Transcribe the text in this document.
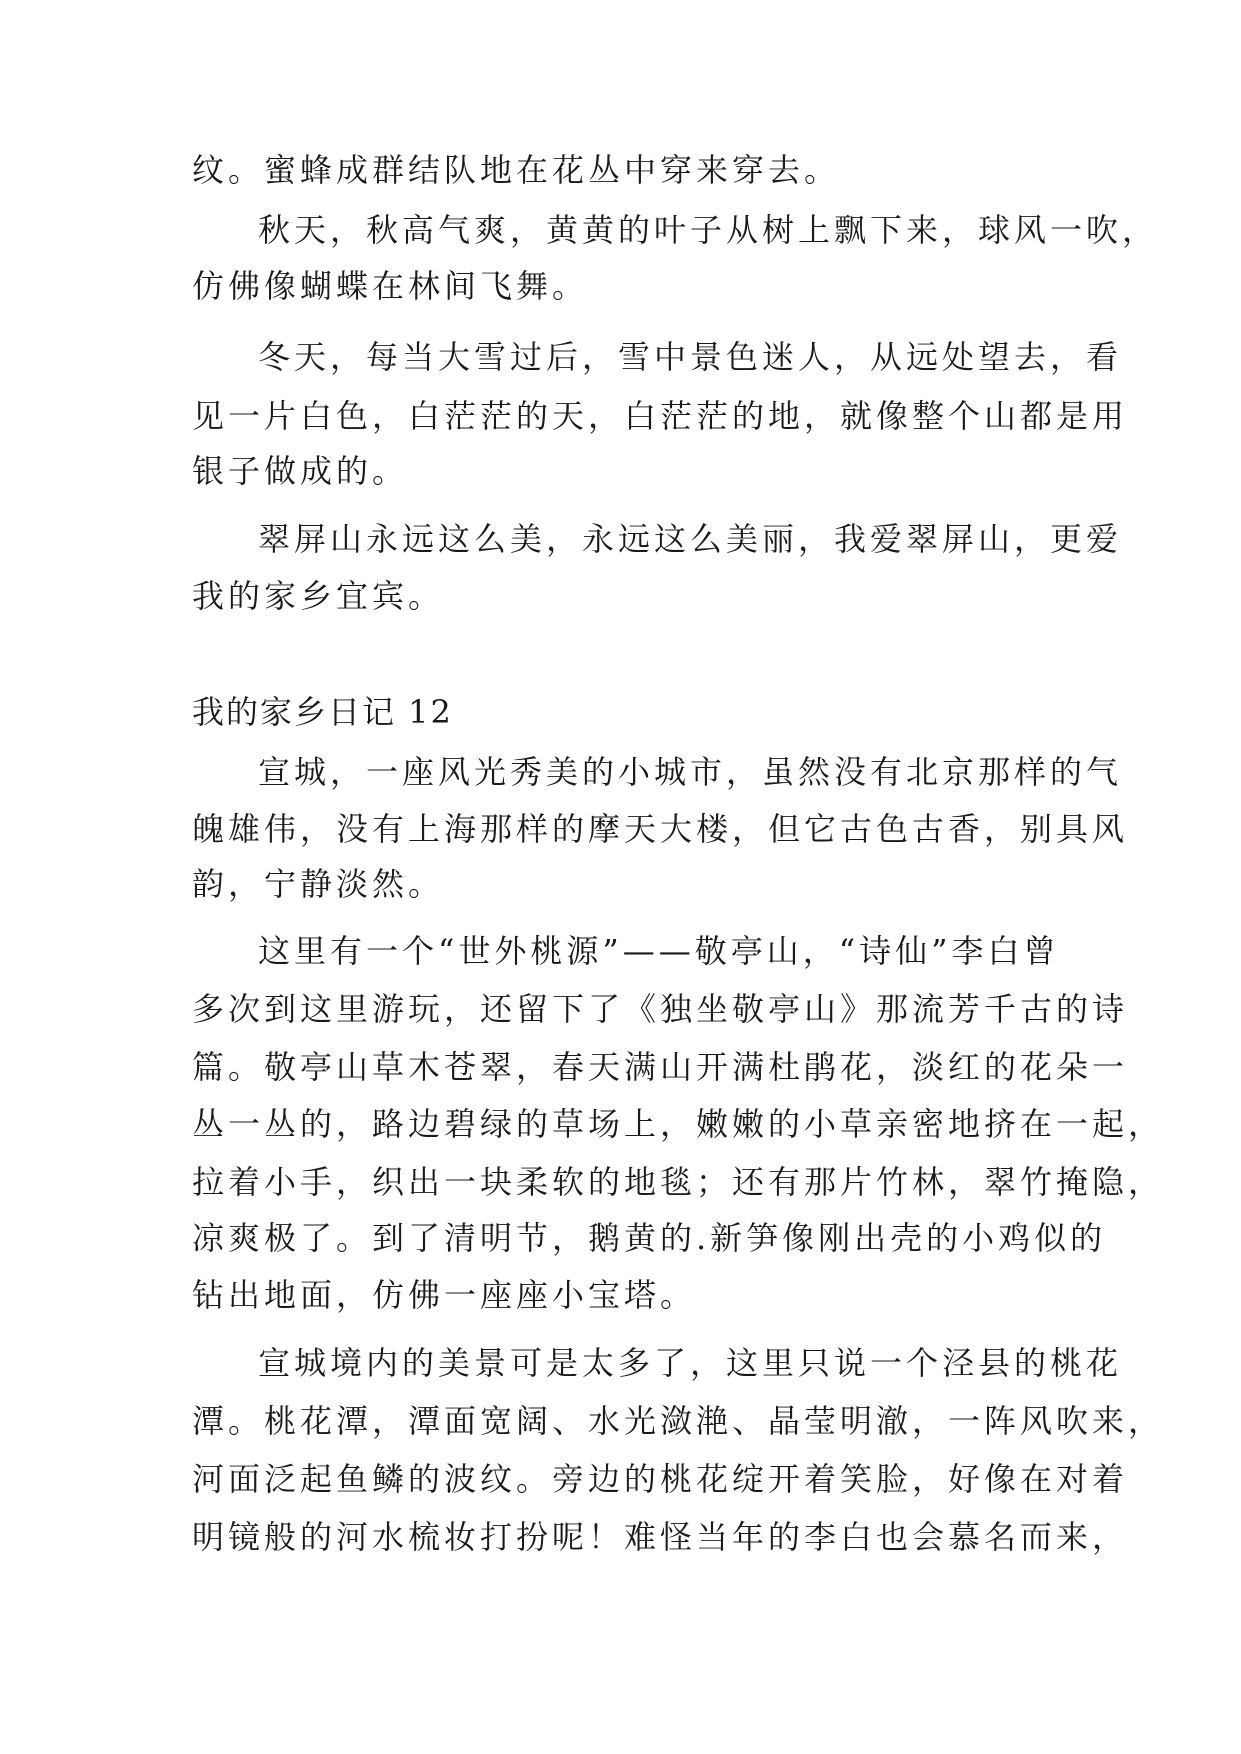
纹。蜜蜂成群结队地在花丛中穿来穿去。

秋天，秋高气爽，黄黄的叶子从树上飘下来，球风一吹，

仿佛像蝴蝶在林间飞舞。

冬天，每当大雪过后，雪中景色迷人，从远处望去，看

见一片白色，白茫茫的天，白茫茫的地，就像整个山都是用

银子做成的。

翠屏山永远这么美，永远这么美丽，我爱翠屏山，更爱

我的家乡宜宾。

我的家乡日记 12

宣城，一座风光秀美的小城市，虽然没有北京那样的气

魄雄伟，没有上海那样的摩天大楼，但它古色古香，别具风

韵，宁静淡然。

这里有一个“世外桃源”——敬亭山，“诗仙”李白曾

多次到这里游玩，还留下了《独坐敬亭山》那流芳千古的诗

篇。敬亭山草木苍翠，春天满山开满杜鹃花，淡红的花朵一

丛一丛的，路边碧绿的草场上，嫩嫩的小草亲密地挤在一起，

拉着小手，织出一块柔软的地毯；还有那片竹林，翠竹掩隐，

凉爽极了。到了清明节，鹅黄的.新笋像刚出壳的小鸡似的

钻出地面，仿佛一座座小宝塔。

宣城境内的美景可是太多了，这里只说一个泾县的桃花

潭。桃花潭，潭面宽阔、水光潋滟、晶莹明澈，一阵风吹来，

河面泛起鱼鳞的波纹。旁边的桃花绽开着笑脸，好像在对着

明镜般的河水梳妆打扮呢！难怪当年的李白也会慕名而来，
